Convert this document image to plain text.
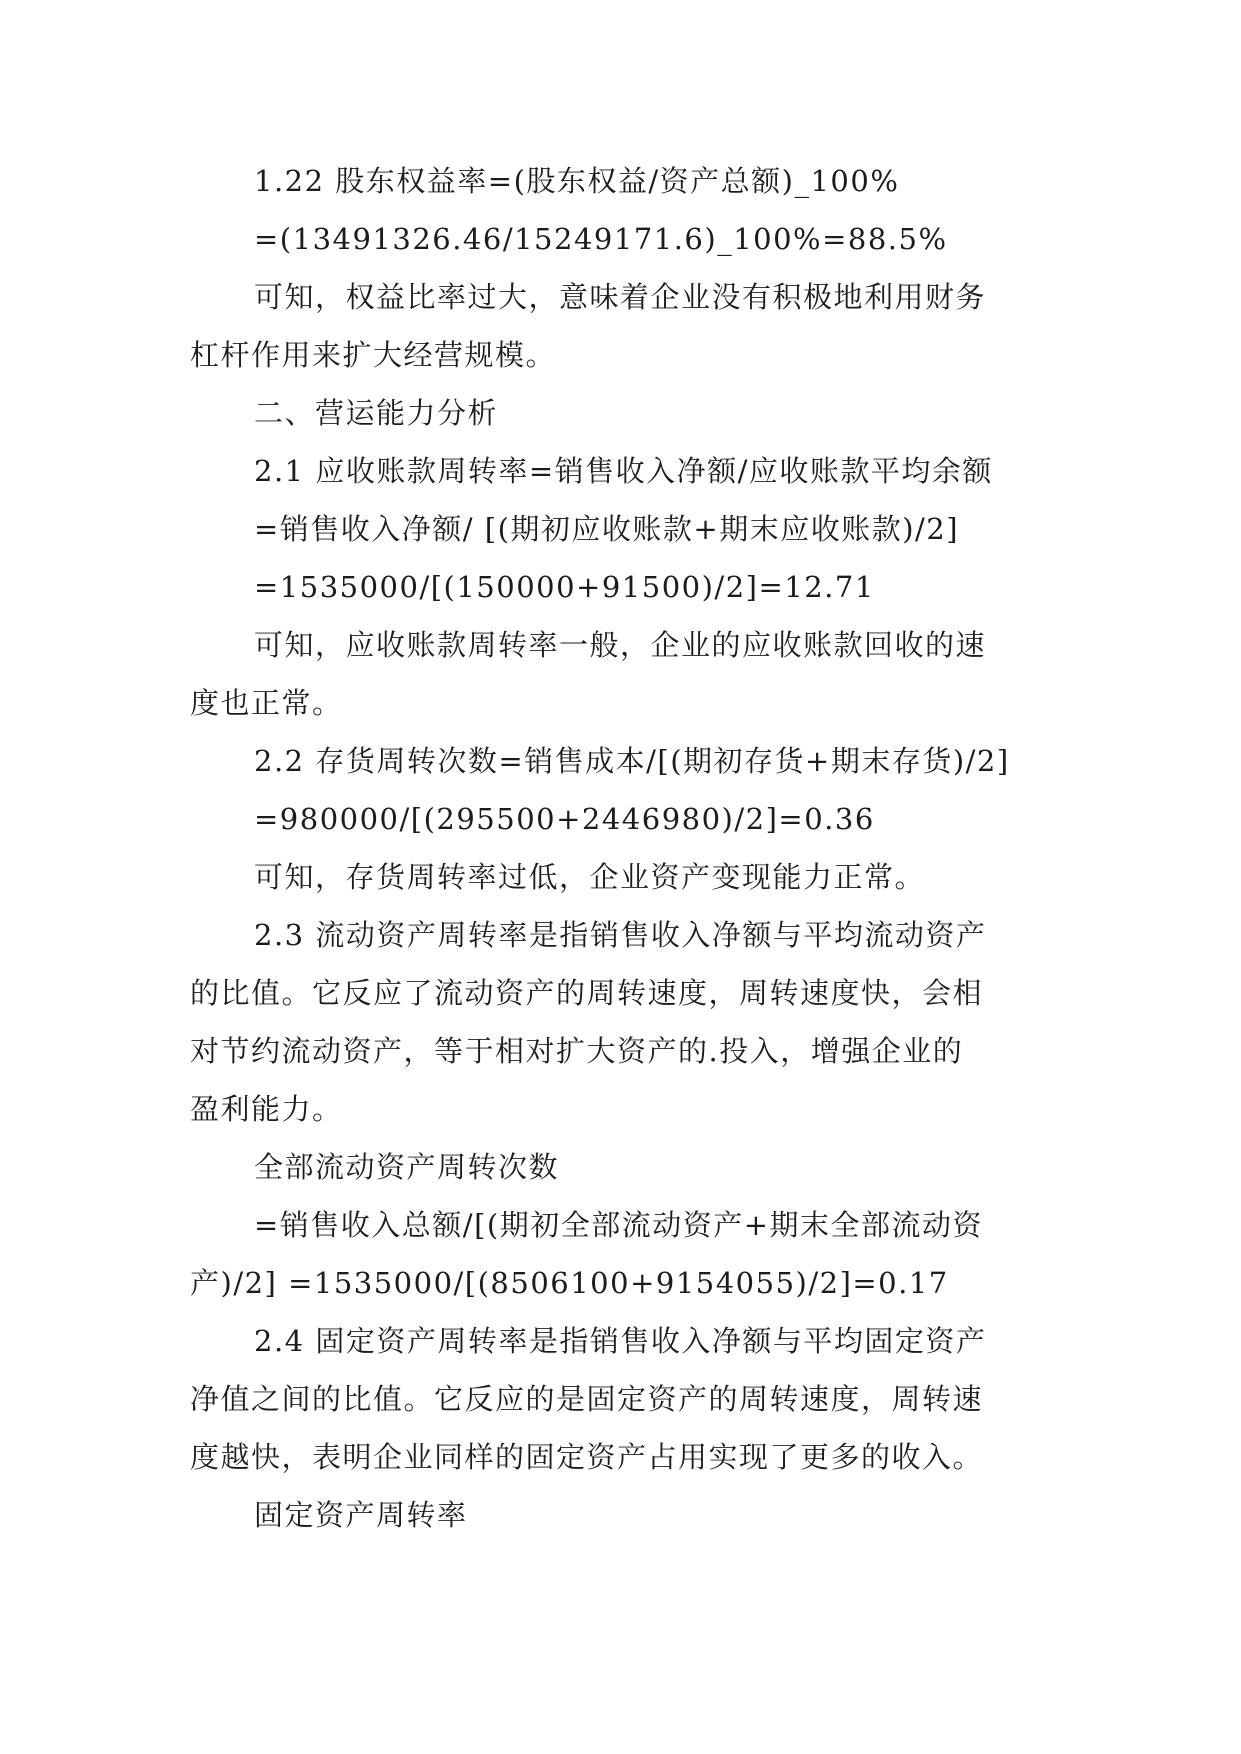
1.22 股东权益率=(股东权益/资产总额)_100%
=(13491326.46/15249171.6)_100%=88.5%
可知，权益比率过大，意味着企业没有积极地利用财务
杠杆作用来扩大经营规模。
二、营运能力分析
2.1 应收账款周转率=销售收入净额/应收账款平均余额
=销售收入净额/ [(期初应收账款+期末应收账款)/2]
=1535000/[(150000+91500)/2]=12.71
可知，应收账款周转率一般，企业的应收账款回收的速
度也正常。
2.2 存货周转次数=销售成本/[(期初存货+期末存货)/2]
=980000/[(295500+2446980)/2]=0.36
可知，存货周转率过低，企业资产变现能力正常。
2.3 流动资产周转率是指销售收入净额与平均流动资产
的比值。它反应了流动资产的周转速度，周转速度快，会相
对节约流动资产，等于相对扩大资产的.投入，增强企业的
盈利能力。
全部流动资产周转次数
=销售收入总额/[(期初全部流动资产+期末全部流动资
产)/2] =1535000/[(8506100+9154055)/2]=0.17
2.4 固定资产周转率是指销售收入净额与平均固定资产
净值之间的比值。它反应的是固定资产的周转速度，周转速
度越快，表明企业同样的固定资产占用实现了更多的收入。
固定资产周转率
